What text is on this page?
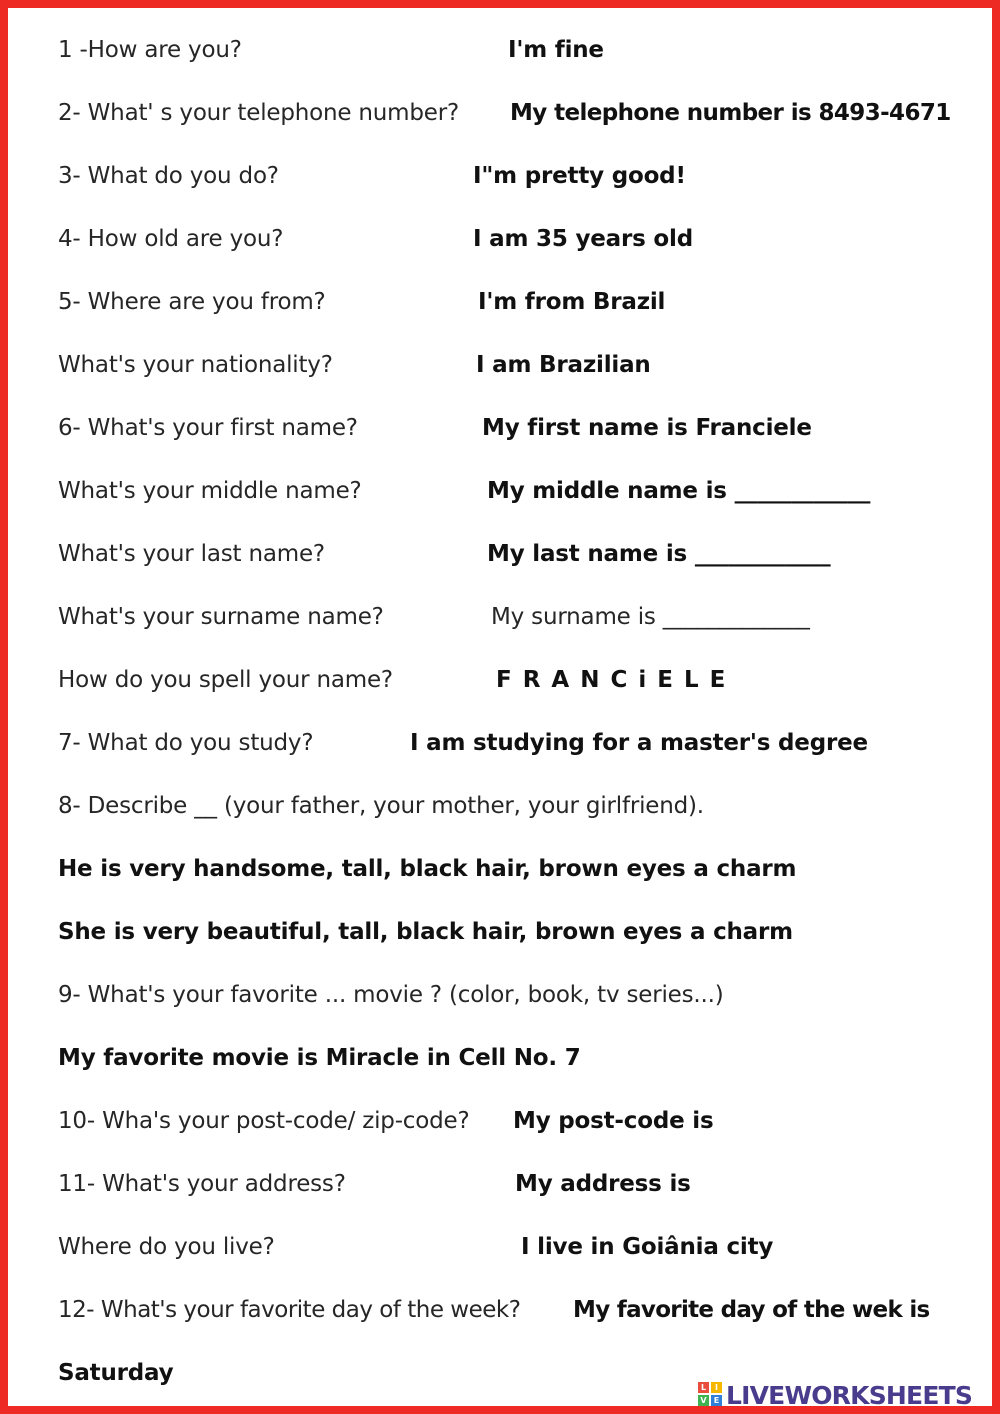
1 -How are you?	I'm fine
2- What' s your telephone number? My telephone number is 8493-4671
3- What do you do?	I"m pretty good!
4- How old are you?	I am 35 years old
5- Where are you from?	I'm from Brazil
What's your nationality?	I am Brazilian
6- What's your first name?	My first name is Franciele
What's your middle name?	My middle name is ____________
What's your last name?	My last name is ____________
What's your surname name?	My surname is _____________
How do you spell your name?	FRANCiELE
7- What do you study?	I am studying for a master's degree
8- Describe __ (your father, your mother, your girlfriend).
He is very handsome, tall, black hair, brown eyes a charm
She is very beautiful, tall, black hair, brown eyes a charm
9- What's your favorite ... movie ? (color, book, tv series...)
My favorite movie is Miracle in Cell No. 7
10- Wha's your post-code/ zip-code? My post-code is
11- What's your address?	My address is
Where do you live?	I live in Goiânia city
12- What's your favorite day of the week? My favorite day of the wek is
Saturday
L	I
V E LIVEWORKSHEETS
